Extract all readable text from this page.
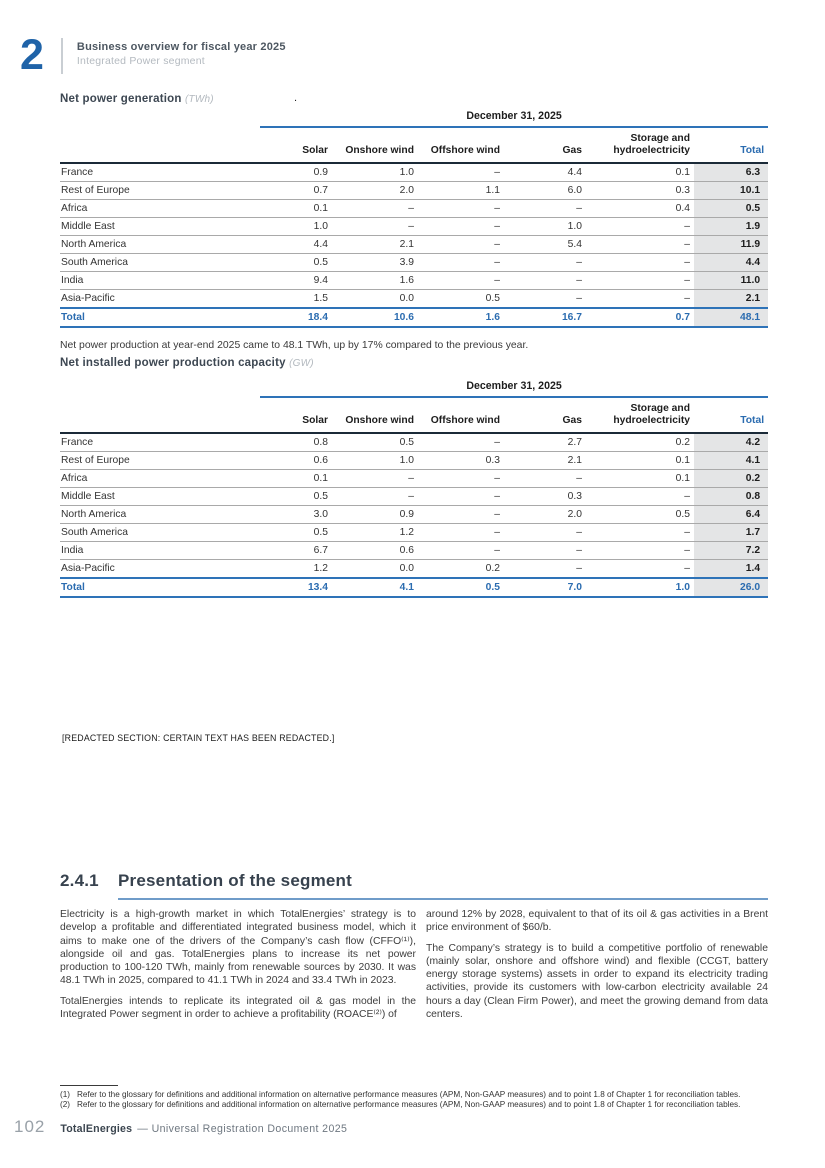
2	Business overview for fiscal year 2025
Integrated Power segment
Net power generation (TWh)	.
	December 31, 2025					
	Solar	Onshore wind	Offshore wind	Gas	Storage and hydroelectricity	Total
France	0.9	1.0	–	4.4	0.1	6.3
Rest of Europe	0.7	2.0	1.1	6.0	0.3	10.1
Africa	0.1	–	–	–	0.4	0.5
Middle East	1.0	–	–	1.0	–	1.9
North America	4.4	2.1	–	5.4	–	11.9
South America	0.5	3.9	–	–	–	4.4
India	9.4	1.6	–	–	–	11.0
Asia-Pacific	1.5	0.0	0.5	–	–	2.1
Total	18.4	10.6	1.6	16.7	0.7	48.1
Net power production at year-end 2025 came to 48.1 TWh, up by 17% compared to the previous year.
Net installed power production capacity (GW)
	December 31, 2025					
	Solar	Onshore wind	Offshore wind	Gas	Storage and hydroelectricity	Total
France	0.8	0.5	–	2.7	0.2	4.2
Rest of Europe	0.6	1.0	0.3	2.1	0.1	4.1
Africa	0.1	–	–	–	0.1	0.2
Middle East	0.5	–	–	0.3	–	0.8
North America	3.0	0.9	–	2.0	0.5	6.4
South America	0.5	1.2	–	–	–	1.7
India	6.7	0.6	–	–	–	7.2
Asia-Pacific	1.2	0.0	0.2	–	–	1.4
Total	13.4	4.1	0.5	7.0	1.0	26.0
[REDACTED SECTION: CERTAIN TEXT HAS BEEN REDACTED.]
2.4.1	Presentation of the segment

Electricity is a high-growth market in which TotalEnergies’ strategy is to develop a profitable and differentiated integrated business model, which it aims to make one of the drivers of the Company’s cash flow (CFFO⁽¹⁾), alongside oil and gas. TotalEnergies plans to increase its net power production to 100-120 TWh, mainly from renewable sources by 2030. It was 48.1 TWh in 2025, compared to 41.1 TWh in 2024 and 33.4 TWh in 2023.

TotalEnergies intends to replicate its integrated oil & gas model in the Integrated Power segment in order to achieve a profitability (ROACE⁽²⁾) of

around 12% by 2028, equivalent to that of its oil & gas activities in a Brent price environment of $60/b.

The Company’s strategy is to build a competitive portfolio of renewable (mainly solar, onshore and offshore wind) and flexible (CCGT, battery energy storage systems) assets in order to expand its electricity trading activities, provide its customers with low-carbon electricity available 24 hours a day (Clean Firm Power), and meet the growing demand from data centers.

(1) Refer to the glossary for definitions and additional information on alternative performance measures (APM, Non-GAAP measures) and to point 1.8 of Chapter 1 for reconciliation tables.
(2) Refer to the glossary for definitions and additional information on alternative performance measures (APM, Non-GAAP measures) and to point 1.8 of Chapter 1 for reconciliation tables.
102 TotalEnergies — Universal Registration Document 2025
